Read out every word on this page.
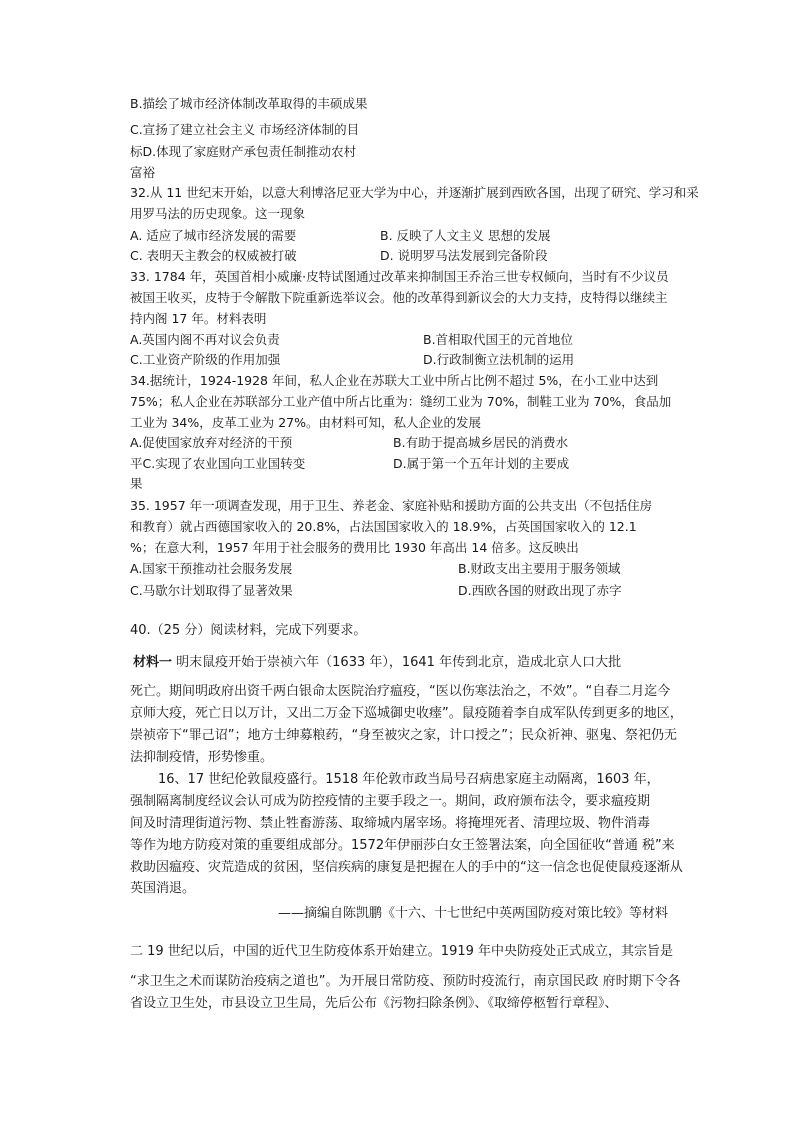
B.描绘了城市经济体制改革取得的丰硕成果
C.宣扬了建立社会主义 市场经济体制的目
标D.体现了家庭财产承包责任制推动农村
富裕
32.从 11 世纪末开始，以意大利博洛尼亚大学为中心，并逐渐扩展到西欧各国，出现了研究、学习和采
用罗马法的历史现象。这一现象
A. 适应了城市经济发展的需要	B. 反映了人文主义 思想的发展
C. 表明天主教会的权威被打破	D. 说明罗马法发展到完备阶段
33. 1784 年，英国首相小威廉·皮特试图通过改革来抑制国王乔治三世专权倾向，当时有不少议员
被国王收买，皮特于令解散下院重新选举议会。他的改革得到新议会的大力支持，皮特得以继续主
持内阁 17 年。材料表明
A.英国内阁不再对议会负责	B.首相取代国王的元首地位
C.工业资产阶级的作用加强	D.行政制衡立法机制的运用
34.据统计，1924-1928 年间，私人企业在苏联大工业中所占比例不超过 5%，在小工业中达到
75%；私人企业在苏联部分工业产值中所占比重为：缝纫工业为 70%，制鞋工业为 70%，食品加
工业为 34%，皮革工业为 27%。由材料可知，私人企业的发展
A.促使国家放弃对经济的干预	B.有助于提高城乡居民的消费水
平C.实现了农业国向工业国转变	D.属于第一个五年计划的主要成
果
35. 1957 年一项调查发现，用于卫生、养老金、家庭补贴和援助方面的公共支出（不包括住房
和教育）就占西德国家收入的 20.8%，占法国国家收入的 18.9%，占英国国家收入的 12.1
%；在意大利，1957 年用于社会服务的费用比 1930 年高出 14 倍多。这反映出
A.国家干预推动社会服务发展	B.财政支出主要用于服务领域
C.马歇尔计划取得了显著效果	D.西欧各国的财政出现了赤字
40.（25 分）阅读材料，完成下列要求。
材料一 明末鼠疫开始于崇祯六年（1633 年），1641 年传到北京，造成北京人口大批
死亡。期间明政府出资千两白银命太医院治疗瘟疫，“医以伤寒法治之，不效”。“自春二月迄今
京师大疫，死亡日以万计，又出二万金下巡城御史收瘗”。鼠疫随着李自成军队传到更多的地区，
崇祯帝下“罪己诏”；地方士绅募粮药，“身至被灾之家，计口授之”；民众祈神、驱鬼、祭祀仍无
法抑制疫情，形势惨重。
16、17 世纪伦敦鼠疫盛行。1518 年伦敦市政当局号召病患家庭主动隔离，1603 年，
强制隔离制度经议会认可成为防控疫情的主要手段之一。期间，政府颁布法令，要求瘟疫期
间及时清理街道污物、禁止牲畜游荡、取缔城内屠宰场。将掩埋死者、清理垃圾、物件消毒
等作为地方防疫对策的重要组成部分。1572年伊丽莎白女王签署法案，向全国征收“普通 税”来
救助因瘟疫、灾荒造成的贫困，坚信疾病的康复是把握在人的手中的“这一信念也促使鼠疫逐渐从
英国消退。
——摘编自陈凯鹏《十六、十七世纪中英两国防疫对策比较》等材料
二 19 世纪以后，中国的近代卫生防疫体系开始建立。1919 年中央防疫处正式成立，其宗旨是
“求卫生之术而谋防治疫病之道也”。为开展日常防疫、预防时疫流行，南京国民政 府时期下令各
省设立卫生处，市县设立卫生局，先后公布《污物扫除条例》、《取缔停柩暂行章程》、
